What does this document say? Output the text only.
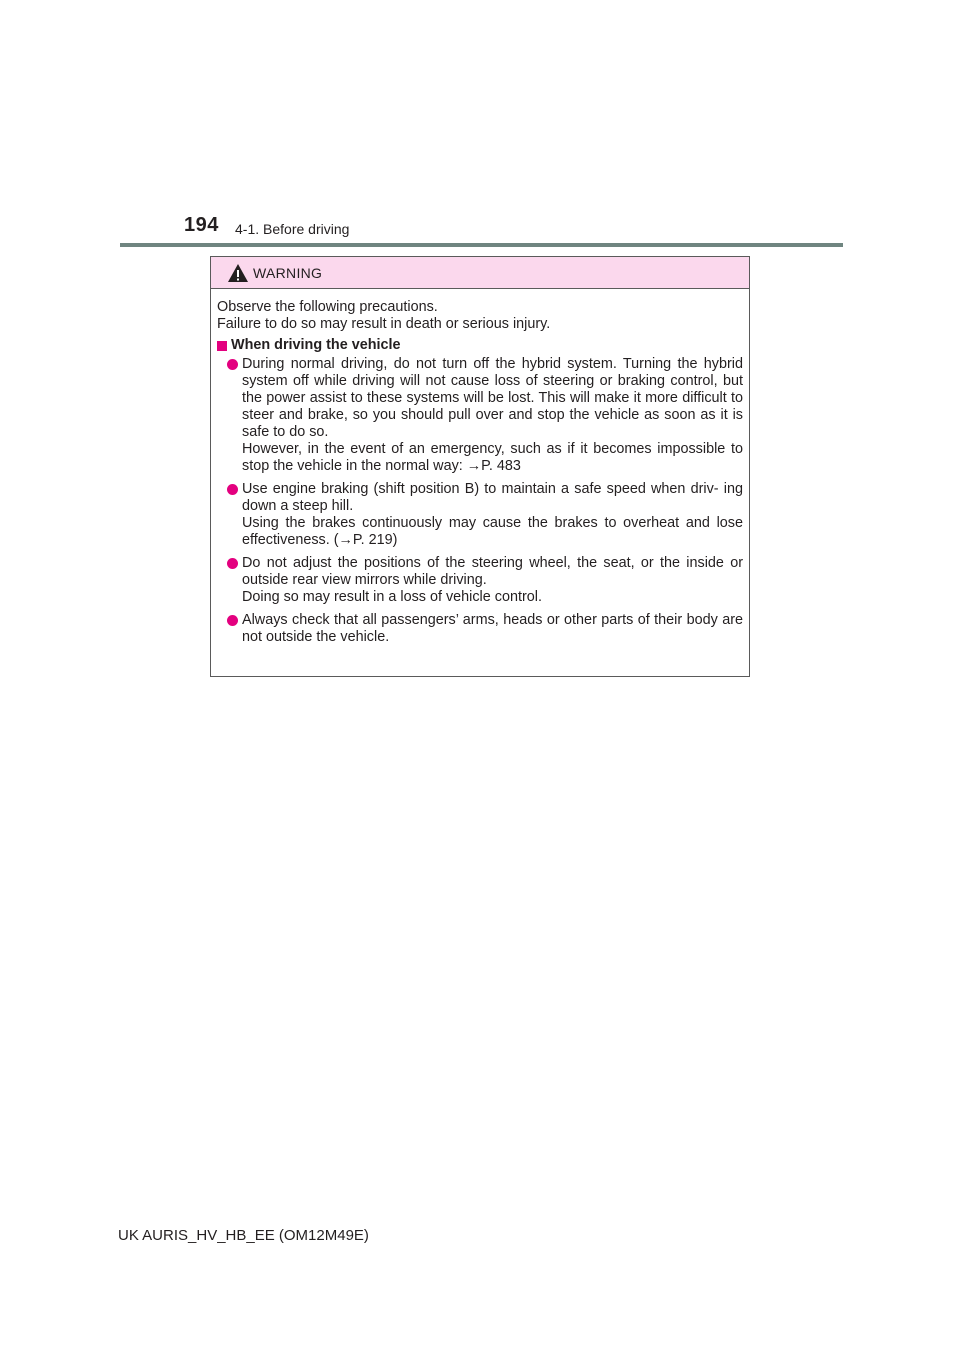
194 4-1. Before driving
WARNING

Observe the following precautions.
Failure to do so may result in death or serious injury.

When driving the vehicle
During normal driving, do not turn off the hybrid system. Turning the hybrid system off while driving will not cause loss of steering or braking control, but the power assist to these systems will be lost. This will make it more difficult to steer and brake, so you should pull over and stop the vehicle as soon as it is safe to do so.
However, in the event of an emergency, such as if it becomes impossible to stop the vehicle in the normal way: →P. 483
Use engine braking (shift position B) to maintain a safe speed when driv- ing down a steep hill.
Using the brakes continuously may cause the brakes to overheat and lose effectiveness. (→P. 219)
Do not adjust the positions of the steering wheel, the seat, or the inside or outside rear view mirrors while driving.
Doing so may result in a loss of vehicle control.
Always check that all passengers’ arms, heads or other parts of their body are not outside the vehicle.
UK AURIS_HV_HB_EE (OM12M49E)
